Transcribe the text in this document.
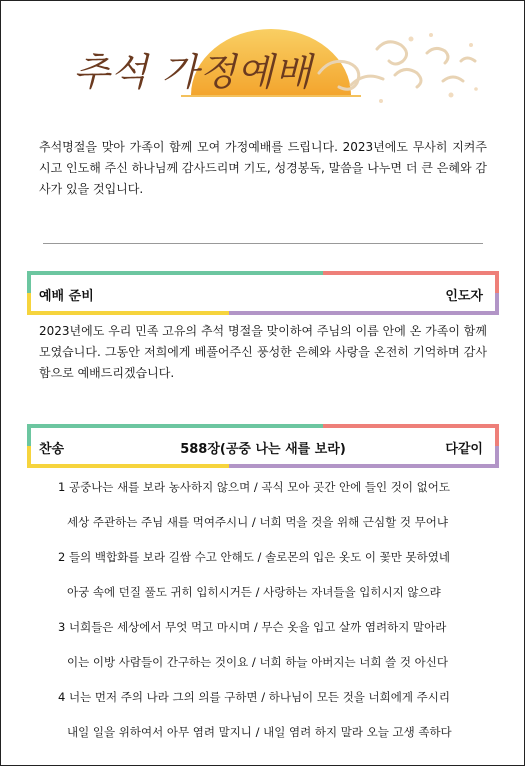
추석 가정예배
추석명절을 맞아 가족이 함께 모여 가정예배를 드립니다. 2023년에도 무사히 지켜주시고 인도해 주신 하나님께 감사드리며 기도, 성경봉독, 말씀을 나누면 더 큰 은혜와 감사가 있을 것입니다.
예배 준비	인도자
2023년에도 우리 민족 고유의 추석 명절을 맞이하여 주님의 이름 안에 온 가족이 함께 모였습니다. 그동안 저희에게 베풀어주신 풍성한 은혜와 사랑을 온전히 기억하며 감사함으로 예배드리겠습니다.
찬송	588장(공중 나는 새를 보라)	다같이
1 공중나는 새를 보라 농사하지 않으며 / 곡식 모아 곳간 안에 들인 것이 없어도
세상 주관하는 주님 새를 먹여주시니 / 너희 먹을 것을 위해 근심할 것 무어냐
2 들의 백합화를 보라 길쌈 수고 안해도 / 솔로몬의 입은 옷도 이 꽃만 못하였네
아궁 속에 던질 풀도 귀히 입히시거든 / 사랑하는 자녀들을 입히시지 않으랴
3 너희들은 세상에서 무엇 먹고 마시며 / 무슨 옷을 입고 살까 염려하지 말아라
이는 이방 사람들이 간구하는 것이요 / 너희 하늘 아버지는 너희 쓸 것 아신다
4 너는 먼저 주의 나라 그의 의를 구하면 / 하나님이 모든 것을 너희에게 주시리
내일 일을 위하여서 아무 염려 말지니 / 내일 염려 하지 말라 오늘 고생 족하다
